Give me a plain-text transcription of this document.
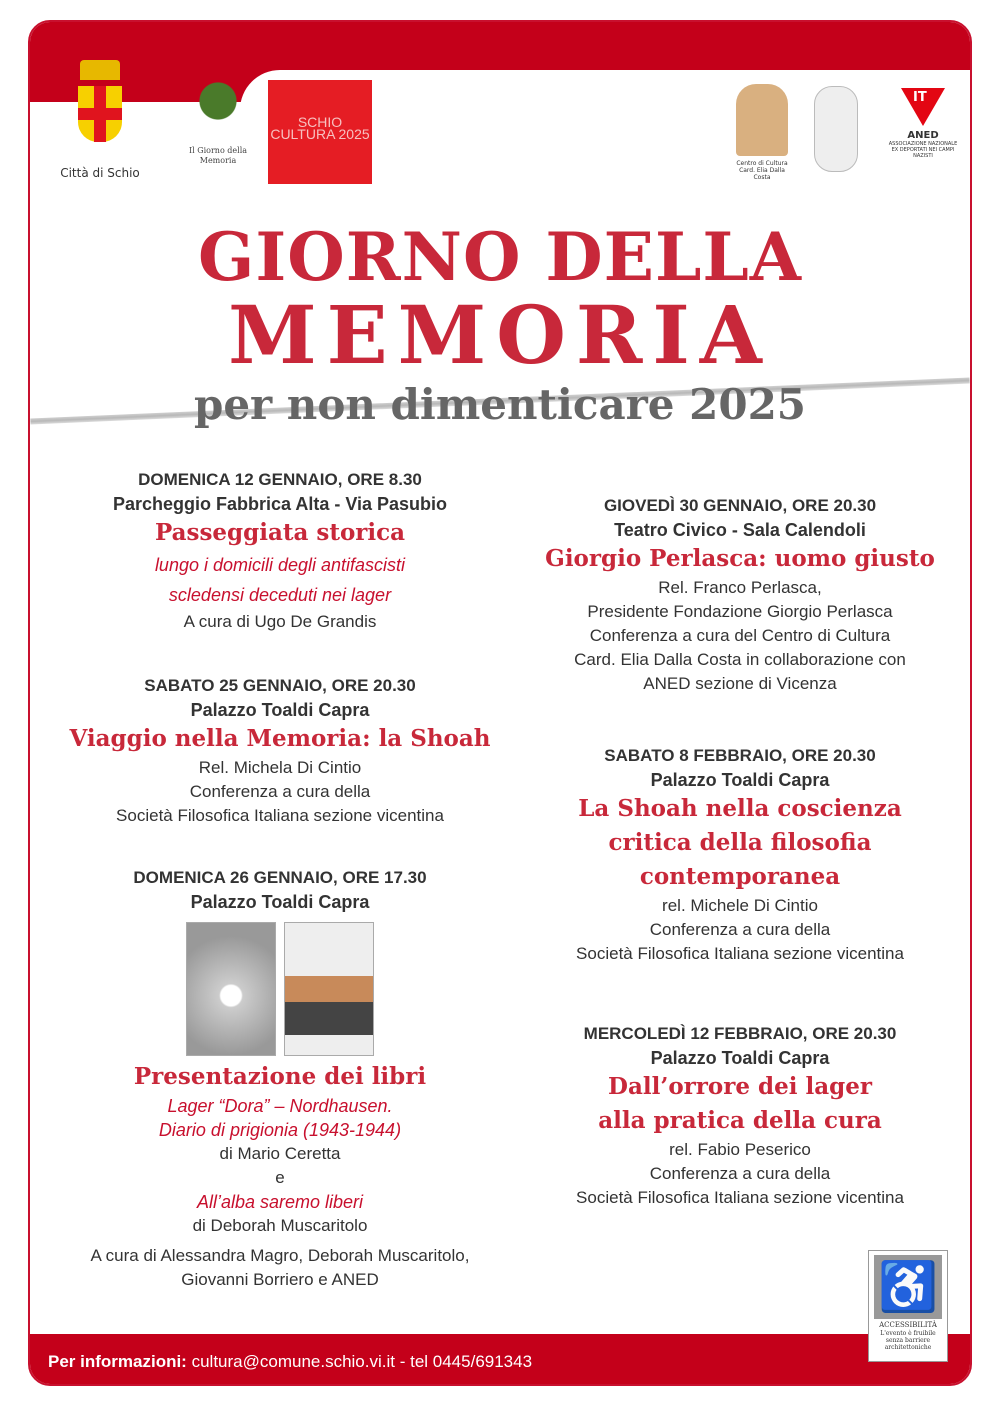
Città di Schio
Il Giorno della Memoria
SCHIO CULTURA 2025
Centro di Cultura Card. Elia Dalla Costa
IT
ANED
ASSOCIAZIONE NAZIONALE EX DEPORTATI NEI CAMPI NAZISTI
GIORNO DELLA
MEMORIA
per non dimenticare 2025
DOMENICA 12 GENNAIO, ORE 8.30
Parcheggio Fabbrica Alta - Via Pasubio
Passeggiata storica
lungo i domicili degli antifascisti
scledensi deceduti nei lager
A cura di Ugo De Grandis
SABATO 25 GENNAIO, ORE 20.30
Palazzo Toaldi Capra
Viaggio nella Memoria: la Shoah
Rel. Michela Di Cintio
Conferenza a cura della
Società Filosofica Italiana sezione vicentina
DOMENICA 26 GENNAIO, ORE 17.30
Palazzo Toaldi Capra
Presentazione dei libri
Lager “Dora” – Nordhausen.
Diario di prigionia (1943-1944)
di Mario Ceretta
e
All’alba saremo liberi
di Deborah Muscaritolo
A cura di Alessandra Magro, Deborah Muscaritolo,
Giovanni Borriero e ANED
GIOVEDÌ 30 GENNAIO, ORE 20.30
Teatro Civico - Sala Calendoli
Giorgio Perlasca: uomo giusto
Rel. Franco Perlasca,
Presidente Fondazione Giorgio Perlasca
Conferenza a cura del Centro di Cultura
Card. Elia Dalla Costa in collaborazione con
ANED sezione di Vicenza
SABATO 8 FEBBRAIO, ORE 20.30
Palazzo Toaldi Capra
La Shoah nella coscienza
critica della filosofia
contemporanea
rel. Michele Di Cintio
Conferenza a cura della
Società Filosofica Italiana sezione vicentina
MERCOLEDÌ 12 FEBBRAIO, ORE 20.30
Palazzo Toaldi Capra
Dall’orrore dei lager
alla pratica della cura
rel. Fabio Peserico
Conferenza a cura della
Società Filosofica Italiana sezione vicentina
Per informazioni: cultura@comune.schio.vi.it - tel 0445/691343
♿
ACCESSIBILITÀ
L'evento è fruibile senza barriere architettoniche
